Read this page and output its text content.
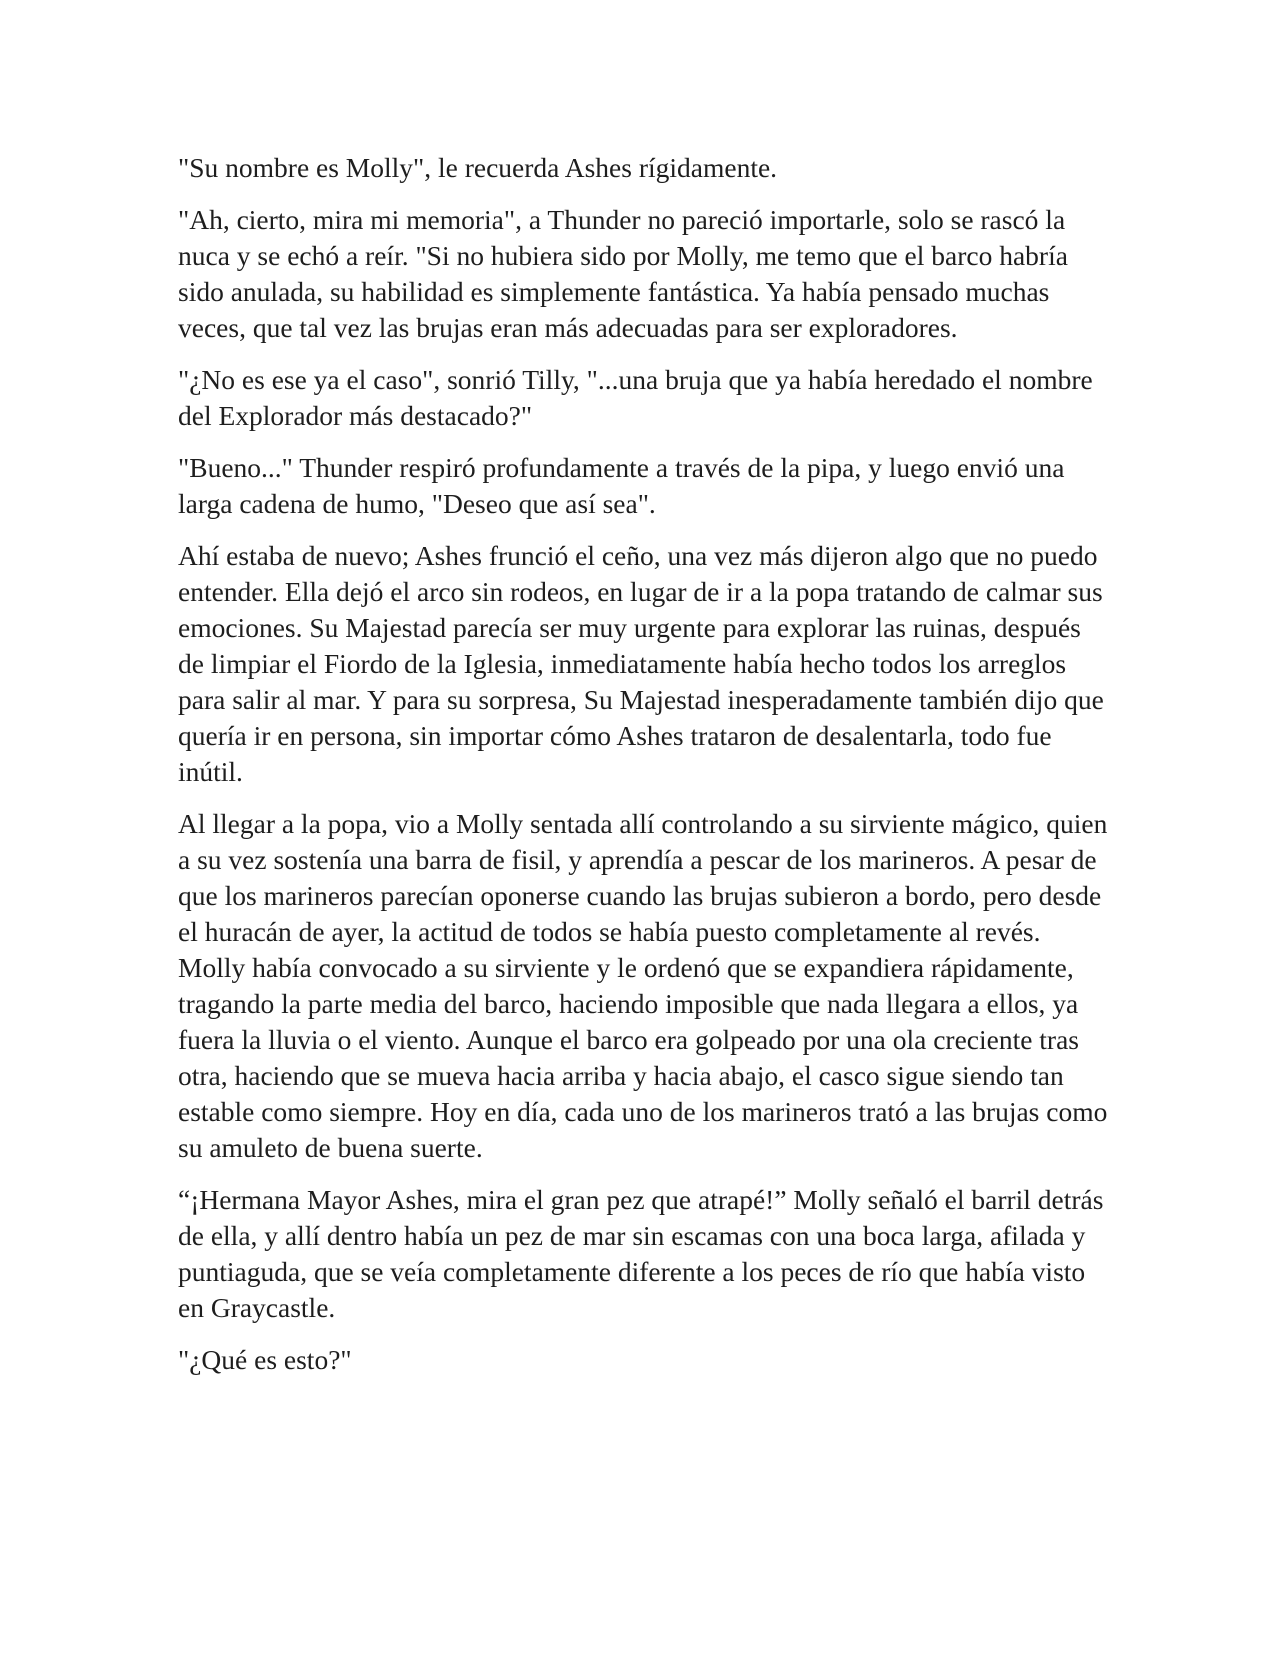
"Su nombre es Molly", le recuerda Ashes rígidamente.

"Ah, cierto, mira mi memoria", a Thunder no pareció importarle, solo se rascó la nuca y se echó a reír. "Si no hubiera sido por Molly, me temo que el barco habría sido anulada, su habilidad es simplemente fantástica. Ya había pensado muchas veces, que tal vez las brujas eran más adecuadas para ser exploradores.

"¿No es ese ya el caso", sonrió Tilly, "...una bruja que ya había heredado el nombre del Explorador más destacado?"

"Bueno..." Thunder respiró profundamente a través de la pipa, y luego envió una larga cadena de humo, "Deseo que así sea".

Ahí estaba de nuevo; Ashes frunció el ceño, una vez más dijeron algo que no puedo entender. Ella dejó el arco sin rodeos, en lugar de ir a la popa tratando de calmar sus emociones. Su Majestad parecía ser muy urgente para explorar las ruinas, después de limpiar el Fiordo de la Iglesia, inmediatamente había hecho todos los arreglos para salir al mar. Y para su sorpresa, Su Majestad inesperadamente también dijo que quería ir en persona, sin importar cómo Ashes trataron de desalentarla, todo fue inútil.

Al llegar a la popa, vio a Molly sentada allí controlando a su sirviente mágico, quien a su vez sostenía una barra de fisil, y aprendía a pescar de los marineros. A pesar de que los marineros parecían oponerse cuando las brujas subieron a bordo, pero desde el huracán de ayer, la actitud de todos se había puesto completamente al revés. Molly había convocado a su sirviente y le ordenó que se expandiera rápidamente, tragando la parte media del barco, haciendo imposible que nada llegara a ellos, ya fuera la lluvia o el viento. Aunque el barco era golpeado por una ola creciente tras otra, haciendo que se mueva hacia arriba y hacia abajo, el casco sigue siendo tan estable como siempre. Hoy en día, cada uno de los marineros trató a las brujas como su amuleto de buena suerte.

“¡Hermana Mayor Ashes, mira el gran pez que atrapé!” Molly señaló el barril detrás de ella, y allí dentro había un pez de mar sin escamas con una boca larga, afilada y puntiaguda, que se veía completamente diferente a los peces de río que había visto en Graycastle.

"¿Qué es esto?"
